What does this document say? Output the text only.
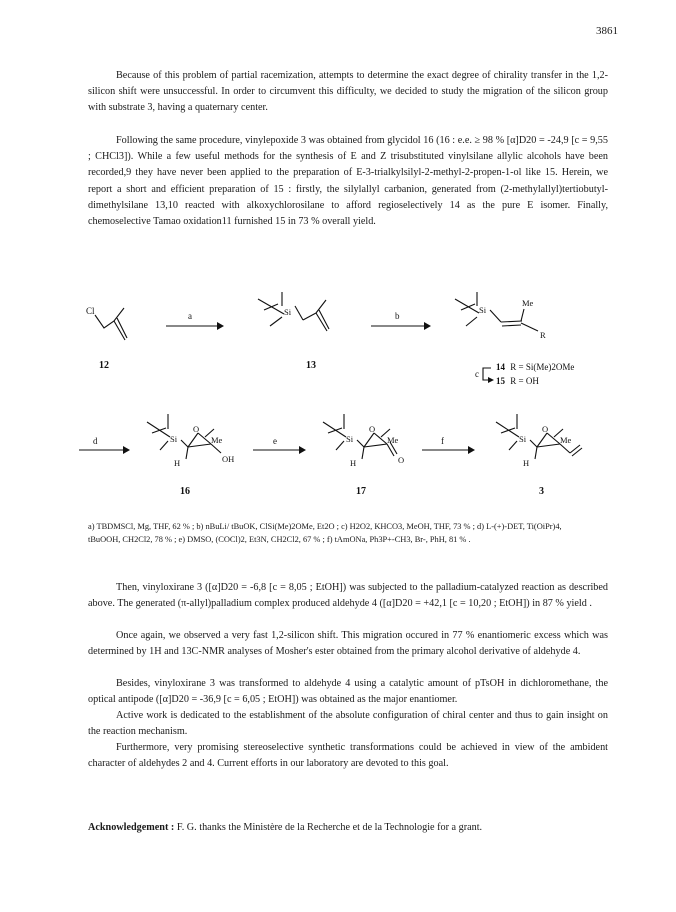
3861

Because of this problem of partial racemization, attempts to determine the exact degree of chirality transfer in the 1,2-silicon shift were unsuccessful. In order to circumvent this difficulty, we decided to study the migration of the silicon group with substrate 3, having a quaternary center.

Following the same procedure, vinylepoxide 3 was obtained from glycidol 16 (16 : e.e. ≥ 98 % [α]D20 = -24,9 [c = 9,55 ; CHCl3]). While a few useful methods for the synthesis of E and Z trisubstituted vinylsilane allylic alcohols have been recorded,9 they have never been applied to the preparation of E-3-trialkylsilyl-2-methyl-2-propen-1-ol like 15. Herein, we report a short and efficient preparation of 15 : firstly, the silylallyl carbanion, generated from (2-methylallyl)tertiobutyl-dimethylsilane 13,10 reacted with alkoxychlorosilane to afford regioselectively 14 as the pure E isomer. Finally, chemoselective Tamao oxidation11 furnished 15 in 73 % overall yield.

Cl	Si	Si
Me
R
Si
O
Me
H	OH
Si
O
Me
H	O
Si
O
Me
H
a	b
c
d	e	f
12	13
16	17	3
14 R = Si(Me)2OMe
15 R = OH

a) TBDMSCl, Mg, THF, 62 % ; b) nBuLi/ tBuOK, ClSi(Me)2OMe, Et2O ; c) H2O2, KHCO3, MeOH, THF, 73 % ; d) L-(+)-DET, Ti(OiPr)4, tBuOOH, CH2Cl2, 78 % ; e) DMSO, (COCl)2, Et3N, CH2Cl2, 67 % ; f) tAmONa, Ph3P+-CH3, Br-, PhH, 81 % .

Then, vinyloxirane 3 ([α]D20 = -6,8 [c = 8,05 ; EtOH]) was subjected to the palladium-catalyzed reaction as described above. The generated (π-allyl)palladium complex produced aldehyde 4 ([α]D20 = +42,1 [c = 10,20 ; EtOH]) in 87 % yield .

Once again, we observed a very fast 1,2-silicon shift. This migration occured in 77 % enantiomeric excess which was determined by 1H and 13C-NMR analyses of Mosher's ester obtained from the primary alcohol derivative of aldehyde 4.

Besides, vinyloxirane 3 was transformed to aldehyde 4 using a catalytic amount of pTsOH in dichloromethane, the optical antipode ([α]D20 = -36,9 [c = 6,05 ; EtOH]) was obtained as the major enantiomer.

Active work is dedicated to the establishment of the absolute configuration of chiral center and thus to gain insight on the reaction mechanism.

Furthermore, very promising stereoselective synthetic transformations could be achieved in view of the ambident character of aldehydes 2 and 4. Current efforts in our laboratory are devoted to this goal.

Acknowledgement : F. G. thanks the Ministère de la Recherche et de la Technologie for a grant.
